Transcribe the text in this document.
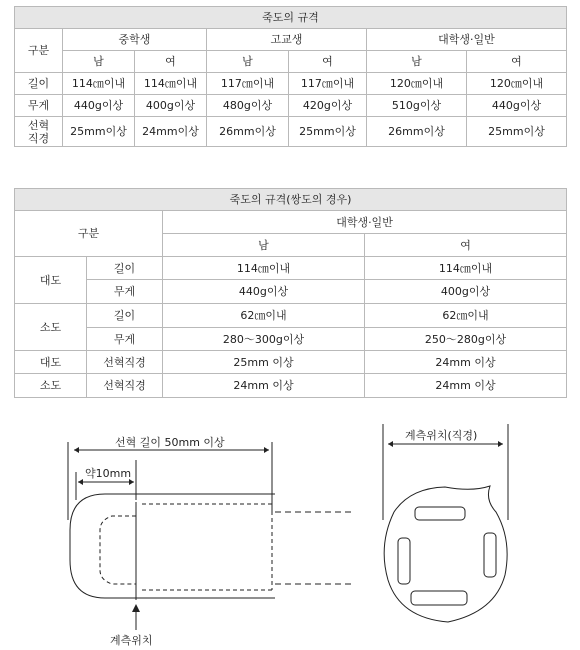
죽도의 규격						
구분	중학생		고교생		대학생·일반	
	남	여	남	여	남	여
길이	114㎝이내	114㎝이내	117㎝이내	117㎝이내	120㎝이내	120㎝이내
무게	440g이상	400g이상	480g이상	420g이상	510g이상	440g이상
선혁
직경	25mm이상	24mm이상	26mm이상	25mm이상	26mm이상	25mm이상
죽도의 규격(쌍도의 경우)			
구분		대학생·일반	
		남	여
대도	길이	114㎝이내	114㎝이내
	무게	440g이상	400g이상
소도	길이	62㎝이내	62㎝이내
	무게	280～300g이상	250～280g이상
대도	선혁직경	25mm 이상	24mm 이상
소도	선혁직경	24mm 이상	24mm 이상
선혁 길이 50mm 이상
약10mm
계측위치
계측위치(직경)
